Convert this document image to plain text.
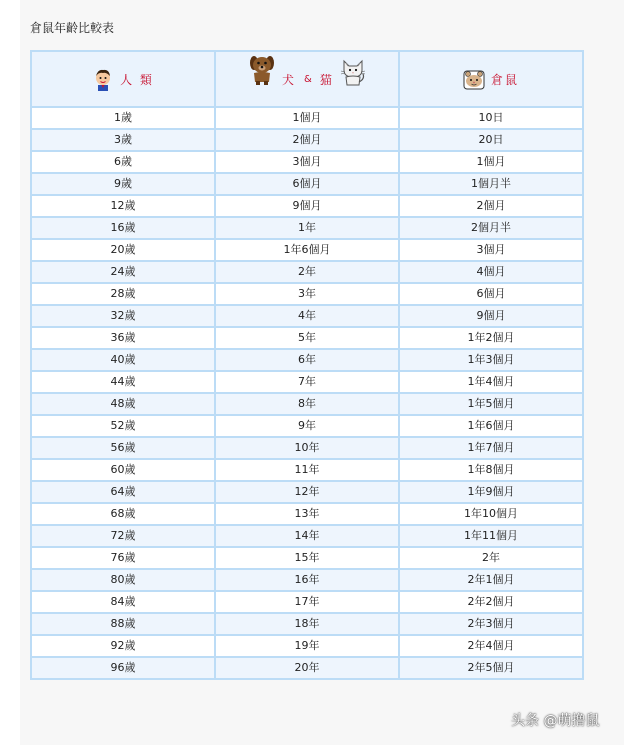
倉鼠年齡比較表
人 類	犬 & 猫	倉鼠

1歲	1個月	10日
3歲	2個月	20日
6歲	3個月	1個月
9歲	6個月	1個月半
12歲	9個月	2個月
16歲	1年	2個月半
20歲	1年6個月	3個月
24歲	2年	4個月
28歲	3年	6個月
32歲	4年	9個月
36歲	5年	1年2個月
40歲	6年	1年3個月
44歲	7年	1年4個月
48歲	8年	1年5個月
52歲	9年	1年6個月
56歲	10年	1年7個月
60歲	11年	1年8個月
64歲	12年	1年9個月
68歲	13年	1年10個月
72歲	14年	1年11個月
76歲	15年	2年
80歲	16年	2年1個月
84歲	17年	2年2個月
88歲	18年	2年3個月
92歲	19年	2年4個月
96歲	20年	2年5個月
头条 @萌撸鼠
